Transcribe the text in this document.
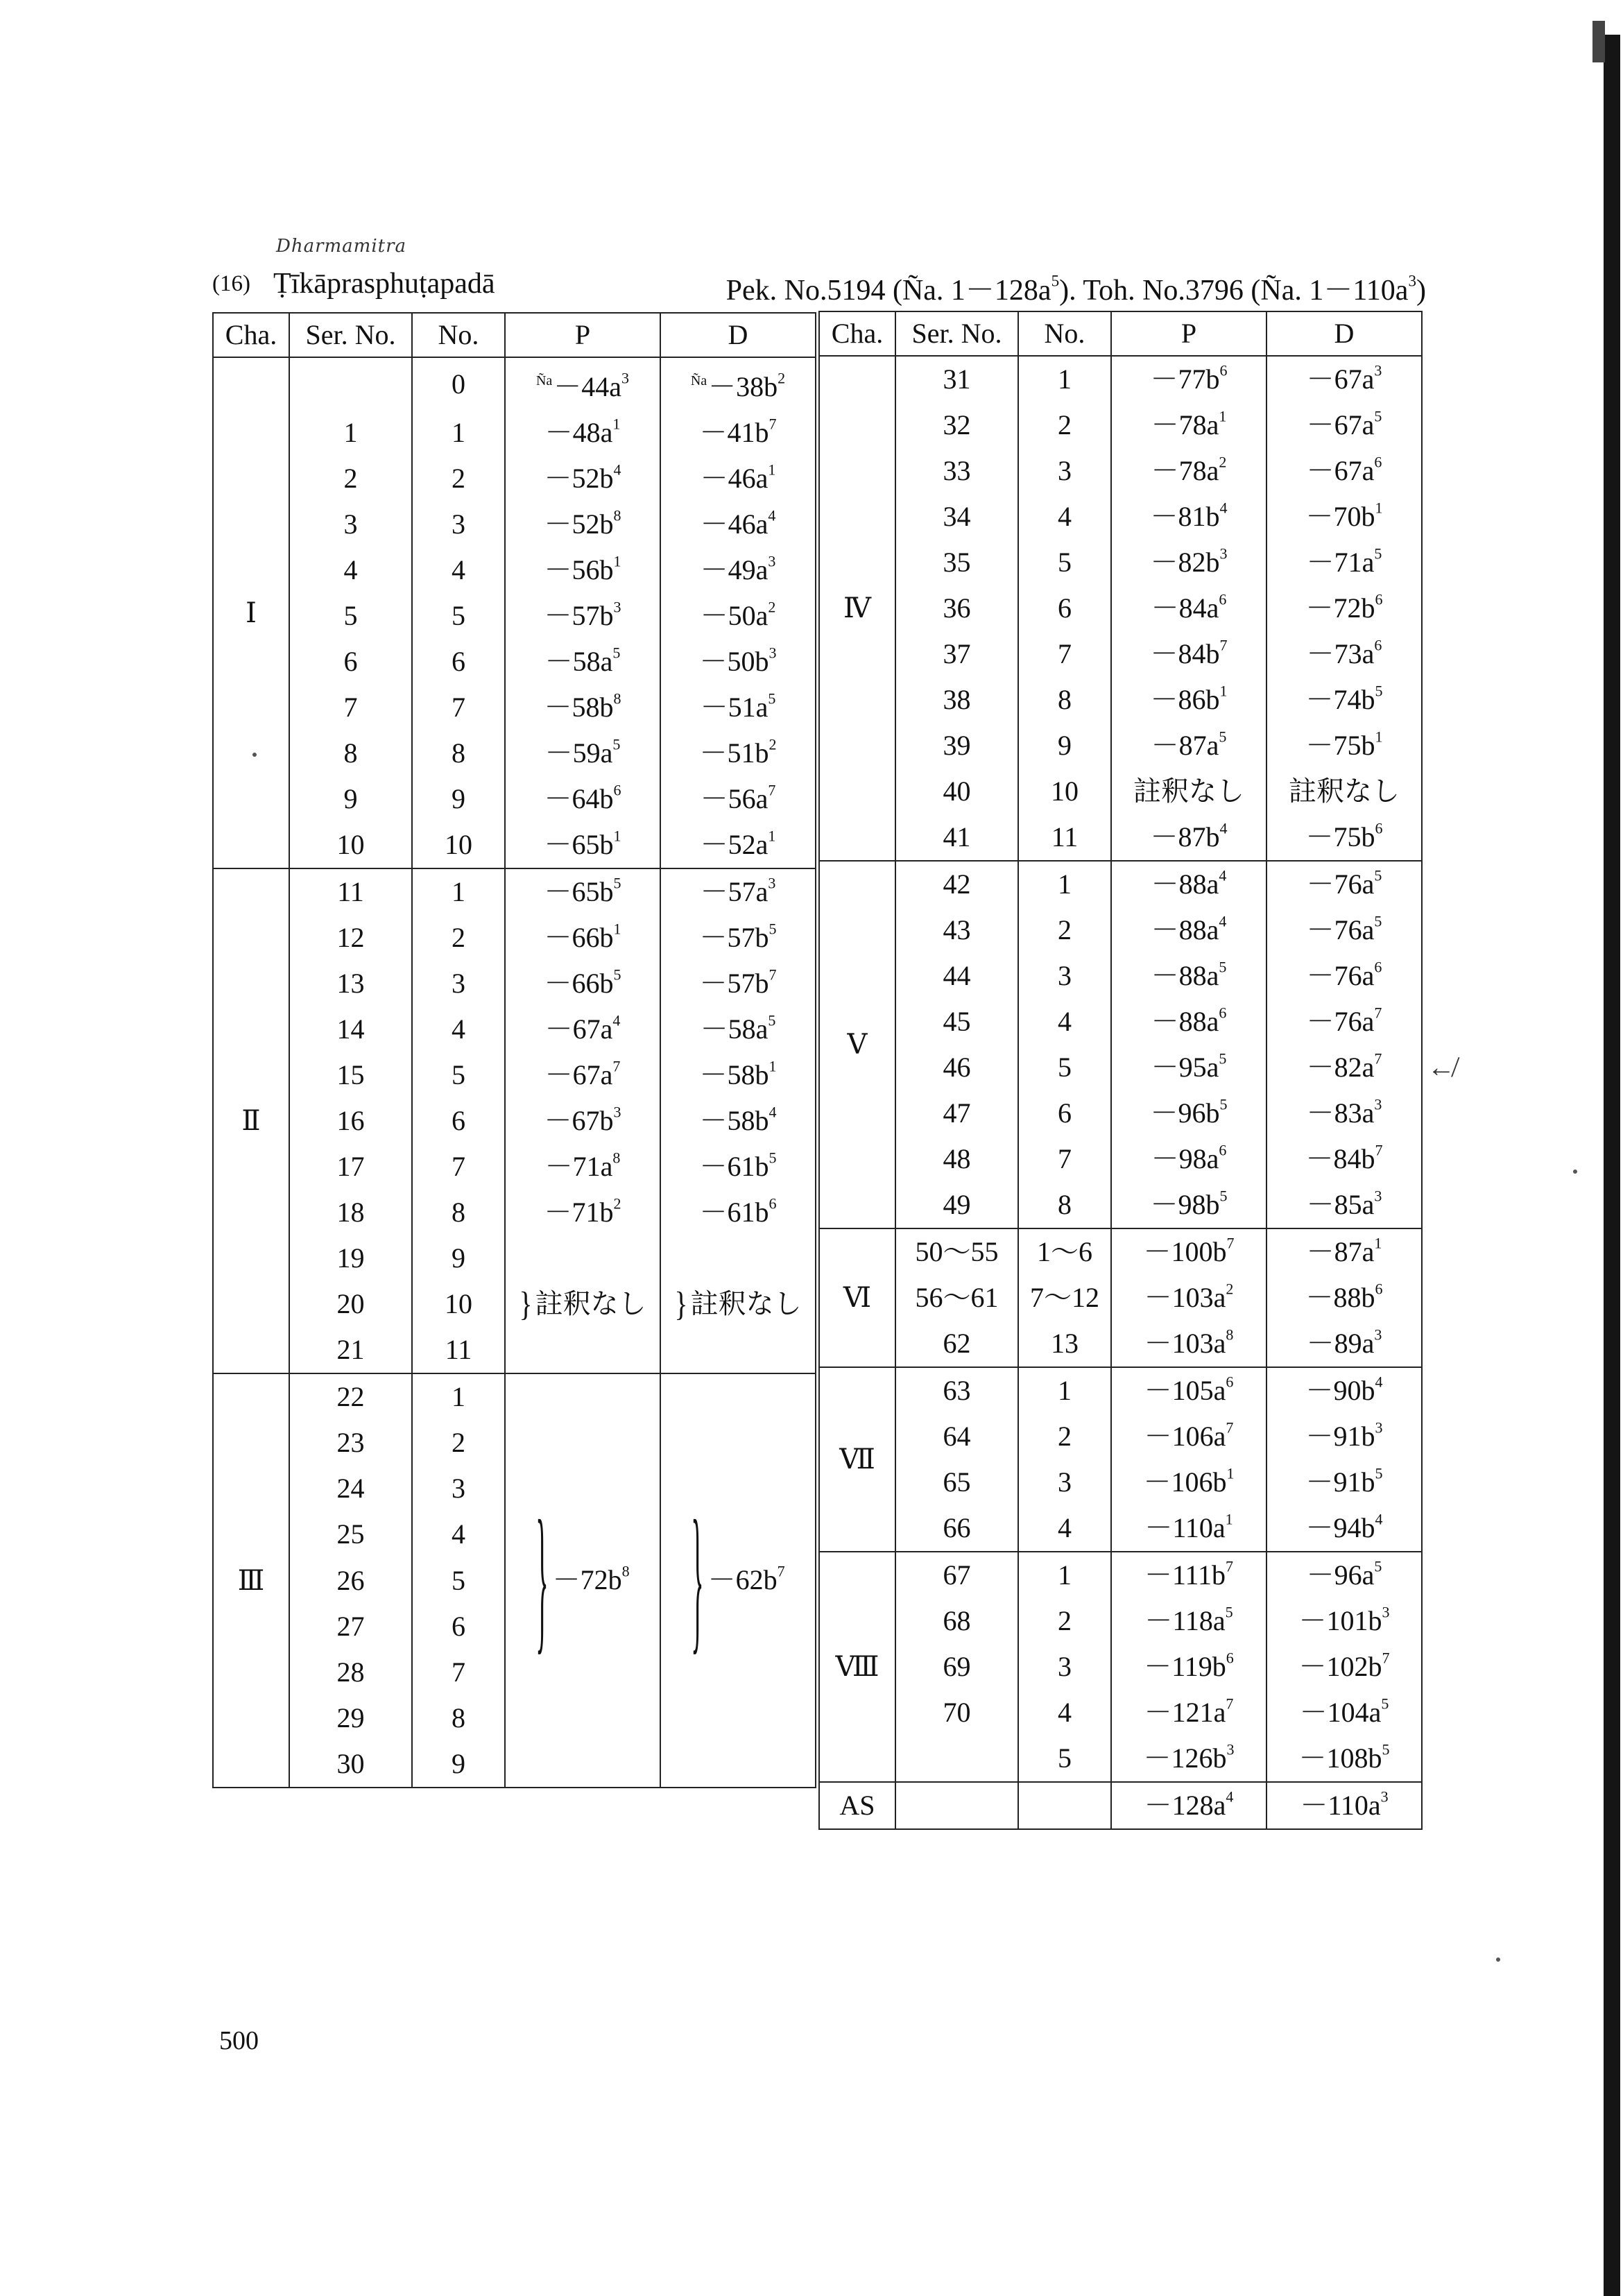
Dharmamitra
(16) Ṭīkāprasphuṭapadā	Pek. No.5194 (Ña. $1-128a^5$). Toh. No.3796 (Ña. $1-110a^3$)
Cha.	Ser. No.	No.	P	D
Ⅰ		0	$^{Ña}-44a^3$	$^{Ña}-38b^2$
	1	1	$-48a^1$	$-41b^7$
	2	2	$-52b^4$	$-46a^1$
	3	3	$-52b^8$	$-46a^4$
	4	4	$-56b^1$	$-49a^3$
	5	5	$-57b^3$	$-50a^2$
	6	6	$-58a^5$	$-50b^3$
	7	7	$-58b^8$	$-51a^5$
	8	8	$-59a^5$	$-51b^2$
	9	9	$-64b^6$	$-56a^7$
	10	10	$-65b^1$	$-52a^1$
Ⅱ	11	1	$-65b^5$	$-57a^3$
	12	2	$-66b^1$	$-57b^5$
	13	3	$-66b^5$	$-57b^7$
	14	4	$-67a^4$	$-58a^5$
	15	5	$-67a^7$	$-58b^1$
	16	6	$-67b^3$	$-58b^4$
	17	7	$-71a^8$	$-61b^5$
	18	8	$-71b^2$	$-61b^6$
	19	9		
	20	10	} 註釈なし	} 註釈なし
	21	11		
Ⅲ	22	1		
	23	2		
	24	3		
	25	4		
	26	5	} $-72b^8$	} $-62b^7$
	27	6		
	28	7		
	29	8		
	30	9		
Cha.	Ser. No.	No.	P	D
Ⅳ	31	1	$-77b^6$	$-67a^3$
	32	2	$-78a^1$	$-67a^5$
	33	3	$-78a^2$	$-67a^6$
	34	4	$-81b^4$	$-70b^1$
	35	5	$-82b^3$	$-71a^5$
	36	6	$-84a^6$	$-72b^6$
	37	7	$-84b^7$	$-73a^6$
	38	8	$-86b^1$	$-74b^5$
	39	9	$-87a^5$	$-75b^1$
	40	10	註釈なし	註釈なし
	41	11	$-87b^4$	$-75b^6$
Ⅴ	42	1	$-88a^4$	$-76a^5$
	43	2	$-88a^4$	$-76a^5$
	44	3	$-88a^5$	$-76a^6$
	45	4	$-88a^6$	$-76a^7$
	46	5	$-95a^5$	$-82a^7$
	47	6	$-96b^5$	$-83a^3$
	48	7	$-98a^6$	$-84b^7$
	49	8	$-98b^5$	$-85a^3$
Ⅵ	50～55	1～6	$-100b^7$	$-87a^1$
	56～61	7～12	$-103a^2$	$-88b^6$
	62	13	$-103a^8$	$-89a^3$
Ⅶ	63	1	$-105a^6$	$-90b^4$
	64	2	$-106a^7$	$-91b^3$
	65	3	$-106b^1$	$-91b^5$
	66	4	$-110a^1$	$-94b^4$
Ⅷ	67	1	$-111b^7$	$-96a^5$
	68	2	$-118a^5$	$-101b^3$
	69	3	$-119b^6$	$-102b^7$
	70	4	$-121a^7$	$-104a^5$
		5	$-126b^3$	$-108b^5$
AS			$-128a^4$	$-110a^3$
↚
500
